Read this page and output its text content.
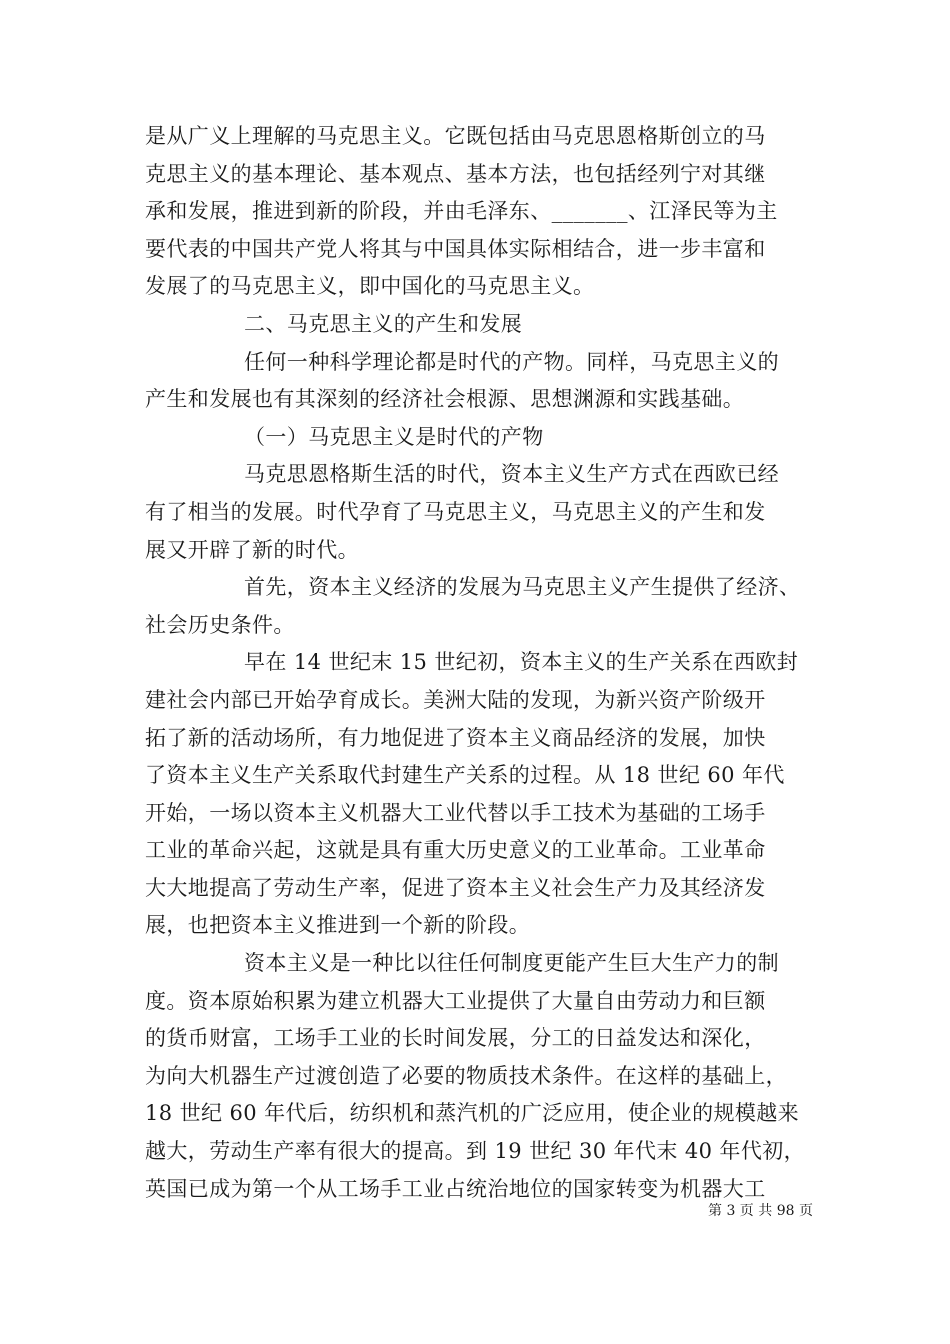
是从广义上理解的马克思主义。它既包括由马克思恩格斯创立的马
克思主义的基本理论、基本观点、基本方法，也包括经列宁对其继
承和发展，推进到新的阶段，并由毛泽东、_______、江泽民等为主
要代表的中国共产党人将其与中国具体实际相结合，进一步丰富和
发展了的马克思主义，即中国化的马克思主义。
二、马克思主义的产生和发展
任何一种科学理论都是时代的产物。同样，马克思主义的
产生和发展也有其深刻的经济社会根源、思想渊源和实践基础。
（一）马克思主义是时代的产物
马克思恩格斯生活的时代，资本主义生产方式在西欧已经
有了相当的发展。时代孕育了马克思主义，马克思主义的产生和发
展又开辟了新的时代。
首先，资本主义经济的发展为马克思主义产生提供了经济、
社会历史条件。
早在 14 世纪末 15 世纪初，资本主义的生产关系在西欧封
建社会内部已开始孕育成长。美洲大陆的发现，为新兴资产阶级开
拓了新的活动场所，有力地促进了资本主义商品经济的发展，加快
了资本主义生产关系取代封建生产关系的过程。从 18 世纪 60 年代
开始，一场以资本主义机器大工业代替以手工技术为基础的工场手
工业的革命兴起，这就是具有重大历史意义的工业革命。工业革命
大大地提高了劳动生产率，促进了资本主义社会生产力及其经济发
展，也把资本主义推进到一个新的阶段。
资本主义是一种比以往任何制度更能产生巨大生产力的制
度。资本原始积累为建立机器大工业提供了大量自由劳动力和巨额
的货币财富，工场手工业的长时间发展，分工的日益发达和深化，
为向大机器生产过渡创造了必要的物质技术条件。在这样的基础上，
18 世纪 60 年代后，纺织机和蒸汽机的广泛应用，使企业的规模越来
越大，劳动生产率有很大的提高。到 19 世纪 30 年代末 40 年代初，
英国已成为第一个从工场手工业占统治地位的国家转变为机器大工
第 3 页 共 98 页
